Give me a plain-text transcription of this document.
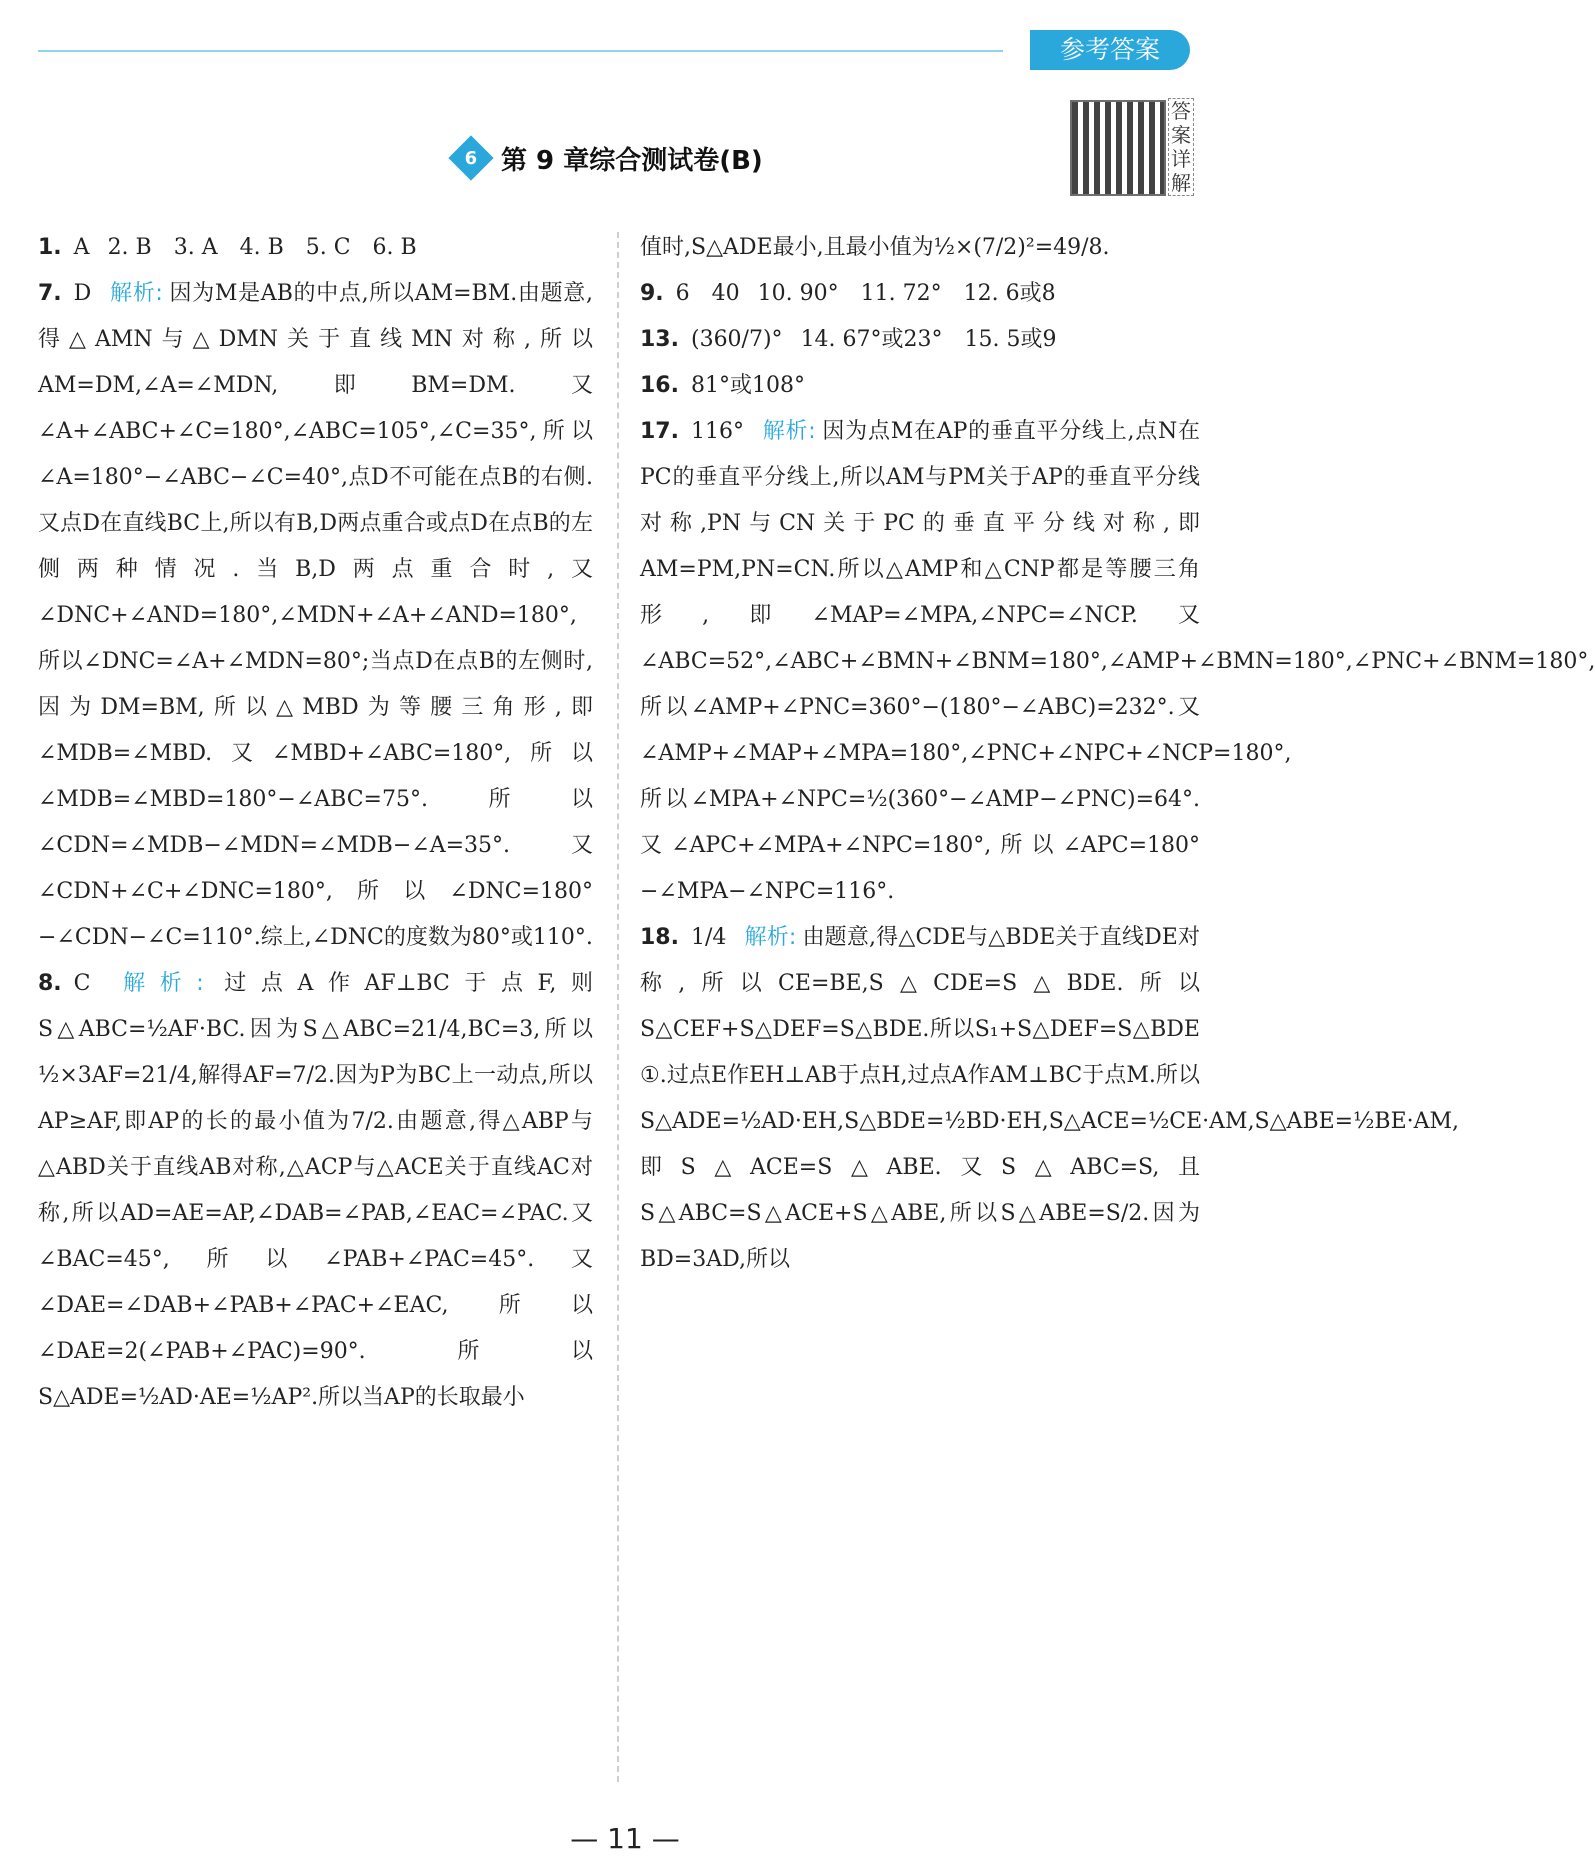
参考答案
答案详解
6 第 9 章综合测试卷(B)

1. A 2. B　3. A　4. B　5. C　6. B

7. D 解析: 因为M是AB的中点,所以AM=BM.由题意,得△AMN与△DMN关于直线MN对称,所以AM=DM,∠A=∠MDN,即BM=DM.又∠A+∠ABC+∠C=180°,∠ABC=105°,∠C=35°,所以∠A=180°−∠ABC−∠C=40°,点D不可能在点B的右侧.又点D在直线BC上,所以有B,D两点重合或点D在点B的左侧两种情况.当B,D两点重合时,又∠DNC+∠AND=180°,∠MDN+∠A+∠AND=180°,所以∠DNC=∠A+∠MDN=80°;当点D在点B的左侧时,因为DM=BM,所以△MBD为等腰三角形,即∠MDB=∠MBD.又∠MBD+∠ABC=180°,所以∠MDB=∠MBD=180°−∠ABC=75°.所以∠CDN=∠MDB−∠MDN=∠MDB−∠A=35°.又∠CDN+∠C+∠DNC=180°,所以∠DNC=180°−∠CDN−∠C=110°.综上,∠DNC的度数为80°或110°.

8. C 解析: 过点A作AF⊥BC于点F,则S△ABC=½AF·BC.因为S△ABC=21/4,BC=3,所以½×3AF=21/4,解得AF=7/2.因为P为BC上一动点,所以AP≥AF,即AP的长的最小值为7/2.由题意,得△ABP与△ABD关于直线AB对称,△ACP与△ACE关于直线AC对称,所以AD=AE=AP,∠DAB=∠PAB,∠EAC=∠PAC.又∠BAC=45°,所以∠PAB+∠PAC=45°.又∠DAE=∠DAB+∠PAB+∠PAC+∠EAC,所以∠DAE=2(∠PAB+∠PAC)=90°.所以S△ADE=½AD·AE=½AP².所以当AP的长取最小

值时,S△ADE最小,且最小值为½×(7/2)²=49/8.

9. 6　40 10. 90°　11. 72°　12. 6或8

13. (360/7)° 14. 67°或23°　15. 5或9

16. 81°或108°

17. 116° 解析: 因为点M在AP的垂直平分线上,点N在PC的垂直平分线上,所以AM与PM关于AP的垂直平分线对称,PN与CN关于PC的垂直平分线对称,即AM=PM,PN=CN.所以△AMP和△CNP都是等腰三角形,即∠MAP=∠MPA,∠NPC=∠NCP.又∠ABC=52°,∠ABC+∠BMN+∠BNM=180°,∠AMP+∠BMN=180°,∠PNC+∠BNM=180°,所以∠AMP+∠PNC=360°−(180°−∠ABC)=232°.又∠AMP+∠MAP+∠MPA=180°,∠PNC+∠NPC+∠NCP=180°,所以∠MPA+∠NPC=½(360°−∠AMP−∠PNC)=64°.又∠APC+∠MPA+∠NPC=180°,所以∠APC=180°−∠MPA−∠NPC=116°.

18. 1/4 解析: 由题意,得△CDE与△BDE关于直线DE对称,所以CE=BE,S△CDE=S△BDE.所以S△CEF+S△DEF=S△BDE.所以S₁+S△DEF=S△BDE ①.过点E作EH⊥AB于点H,过点A作AM⊥BC于点M.所以S△ADE=½AD·EH,S△BDE=½BD·EH,S△ACE=½CE·AM,S△ABE=½BE·AM,即S△ACE=S△ABE.又S△ABC=S,且S△ABC=S△ACE+S△ABE,所以S△ABE=S/2.因为BD=3AD,所以

— 11 —
